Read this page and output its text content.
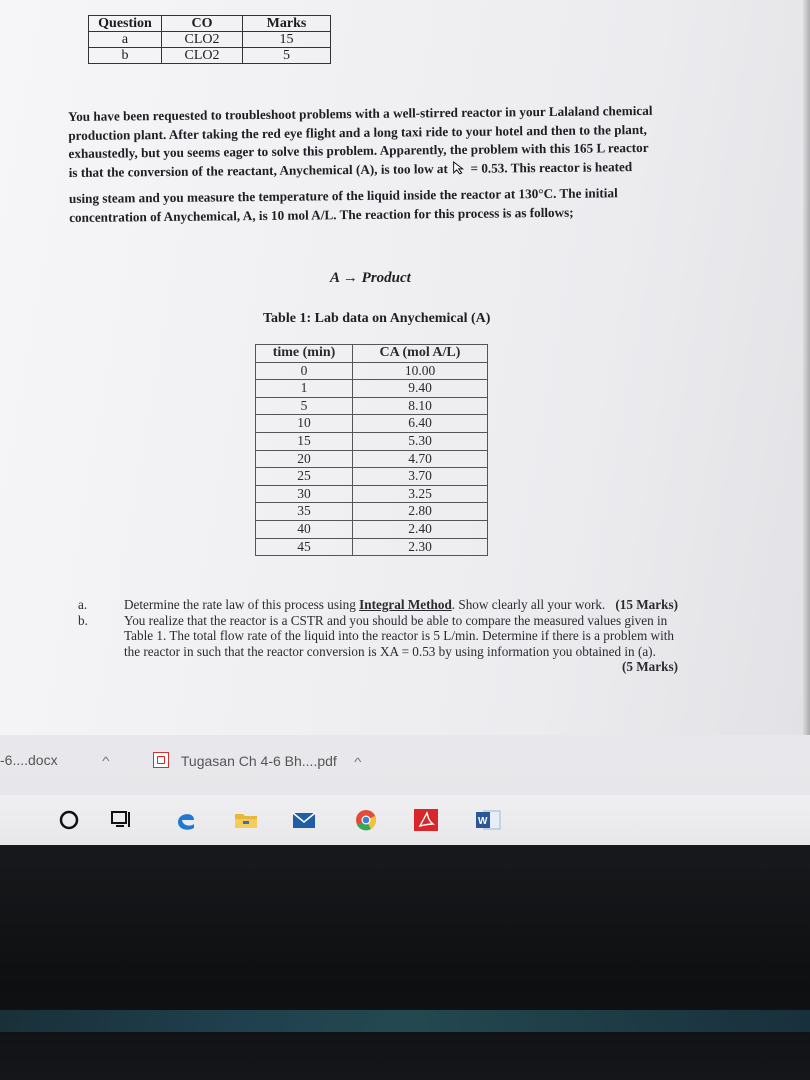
Question	CO	Marks
a	CLO2	15
b	CLO2	5
You have been requested to troubleshoot problems with a well-stirred reactor in your Lalaland chemical
production plant. After taking the red eye flight and a long taxi ride to your hotel and then to the plant,
exhaustedly, but you seems eager to solve this problem. Apparently, the problem with this 165 L reactor
is that the conversion of the reactant, Anychemical (A), is too low at = 0.53. This reactor is heated
using steam and you measure the temperature of the liquid inside the reactor at 130°C. The initial
concentration of Anychemical, A, is 10 mol A/L. The reaction for this process is as follows;
A → Product
Table 1: Lab data on Anychemical (A)
time (min)	CA (mol A/L)
0	10.00
1	9.40
5	8.10
10	6.40
15	5.30
20	4.70
25	3.70
30	3.25
35	2.80
40	2.40
45	2.30
a.	Determine the rate law of this process using Integral Method. Show clearly all your work. (15 Marks)
b.	You realize that the reactor is a CSTR and you should be able to compare the measured values given in Table 1. The total flow rate of the liquid into the reactor is 5 L/min. Determine if there is a problem with the reactor in such that the reactor conversion is XA = 0.53 by using information you obtained in (a).
(5 Marks)
-6....docx	^	Tugasan Ch 4-6 Bh....pdf ^
W
